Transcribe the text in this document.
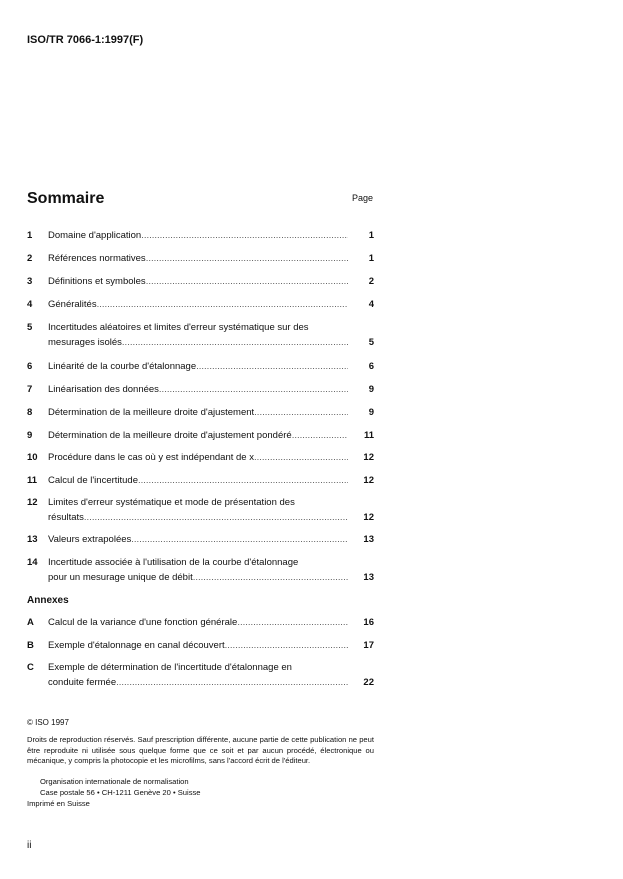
ISO/TR 7066-1:1997(F)
Sommaire	Page
1 Domaine d'application .....	1
2 Références normatives .....	1
3 Définitions et symboles .....	2
4 Généralités .....	4
5 Incertitudes aléatoires et limites d'erreur systématique sur des
mesurages isolés .....	5
6 Linéarité de la courbe d'étalonnage .....	6
7 Linéarisation des données .....	9
8 Détermination de la meilleure droite d'ajustement .....	9
9 Détermination de la meilleure droite d'ajustement pondéré .....	11
10 Procédure dans le cas où y est indépendant de x .....	12
11 Calcul de l'incertitude .....	12
12 Limites d'erreur systématique et mode de présentation des
résultats .....	12
13 Valeurs extrapolées .....	13
14 Incertitude associée à l'utilisation de la courbe d'étalonnage
pour un mesurage unique de débit .....	13
Annexes
A Calcul de la variance d'une fonction générale .....	16
B Exemple d'étalonnage en canal découvert .....	17
C Exemple de détermination de l'incertitude d'étalonnage en
conduite fermée .....	22
© ISO 1997
Droits de reproduction réservés. Sauf prescription différente, aucune partie de cette publication ne peut être reproduite ni utilisée sous quelque forme que ce soit et par aucun procédé, électronique ou mécanique, y compris la photocopie et les microfilms, sans l'accord écrit de l'éditeur.
Organisation internationale de normalisation
Case postale 56 • CH-1211 Genève 20 • Suisse
Imprimé en Suisse
ii
